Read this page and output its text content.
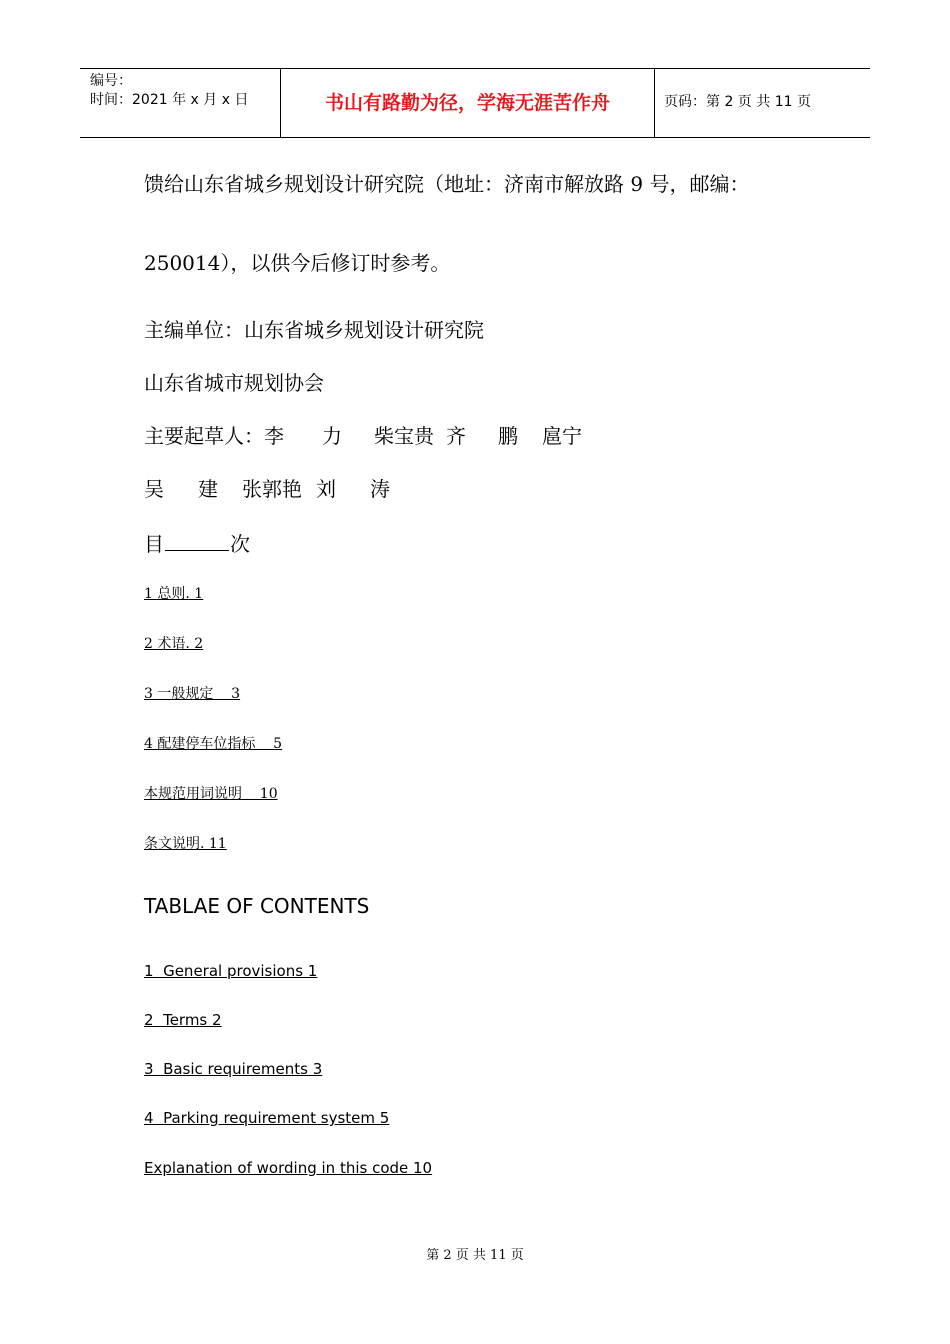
编号：
时间：2021 年 x 月 x 日	书山有路勤为径，学海无涯苦作舟	页码：第 2 页 共 11 页
馈给山东省城乡规划设计研究院（地址：济南市解放路 9 号，邮编：
250014），以供今后修订时参考。
主编单位：山东省城乡规划设计研究院
山东省城市规划协会
主要起草人：李 力 柴宝贵 齐 鹏 扈宁
吴 建 张郭艳 刘 涛
目	次
1 总则. 1
2 术语. 2
3 一般规定    3
4 配建停车位指标    5
本规范用词说明    10
条文说明. 11
TABLAE OF CONTENTS
1  General provisions 1
2  Terms 2
3  Basic requirements 3
4  Parking requirement system 5
Explanation of wording in this code 10
第 2 页 共 11 页
